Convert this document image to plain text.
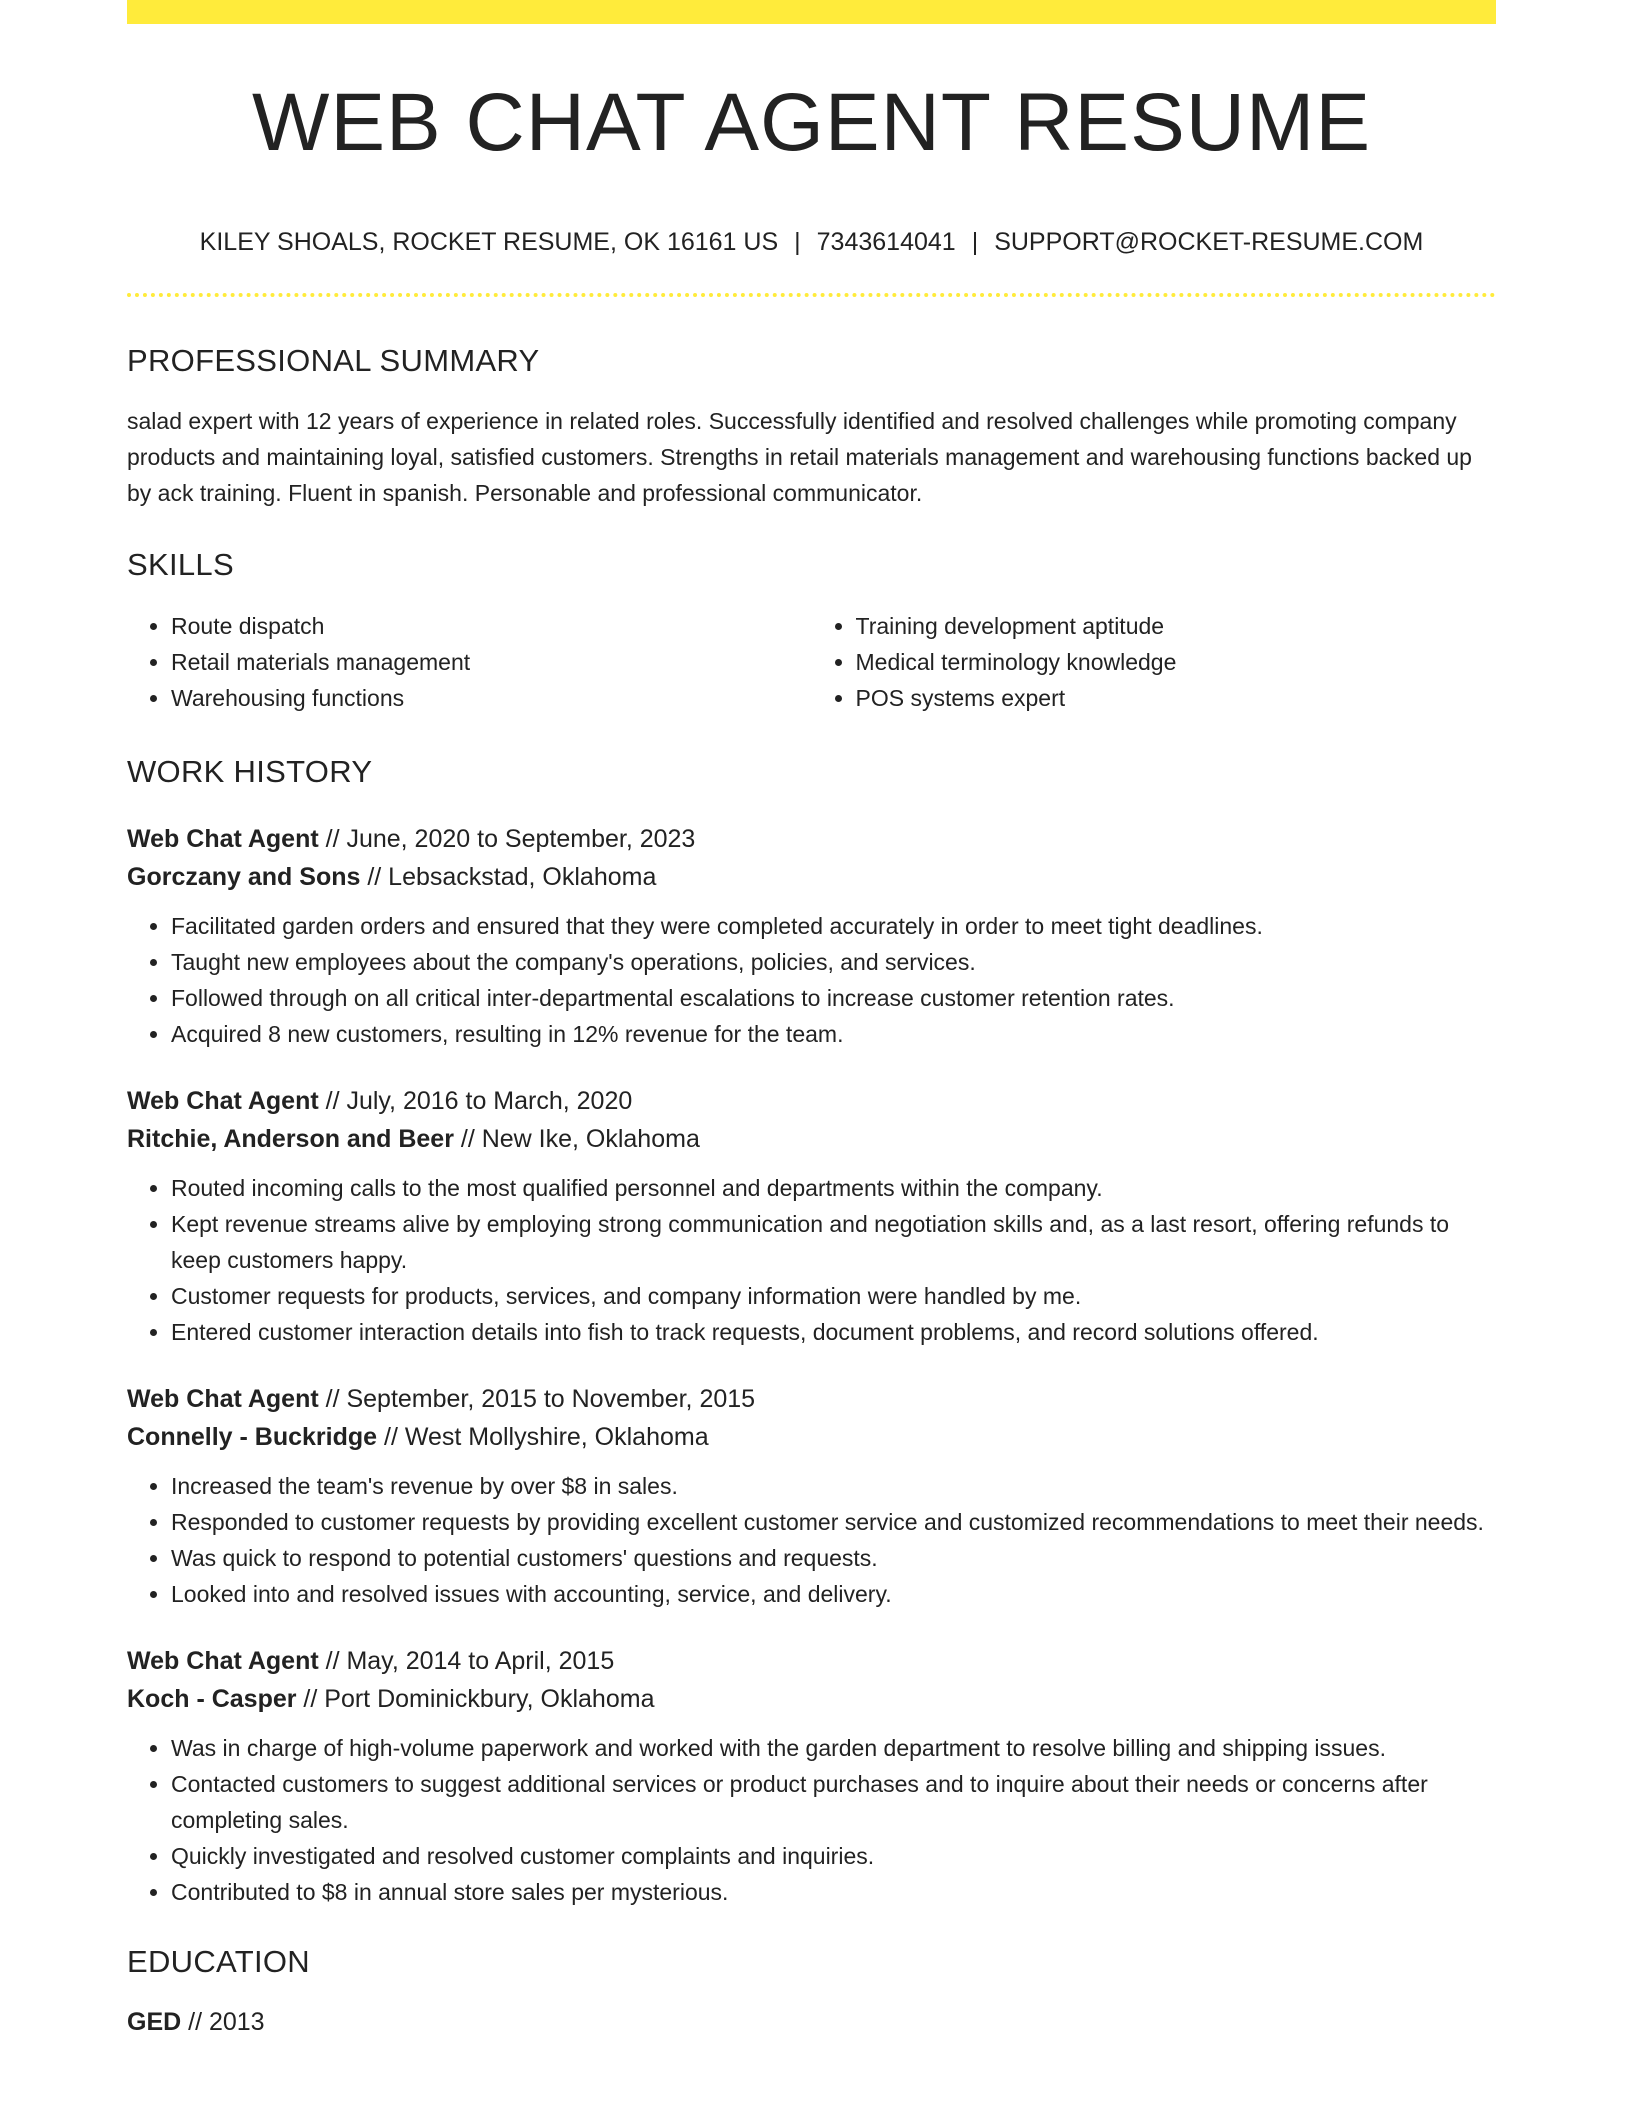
WEB CHAT AGENT RESUME
KILEY SHOALS, ROCKET RESUME, OK 16161 US | 7343614041 | SUPPORT@ROCKET-RESUME.COM
PROFESSIONAL SUMMARY
salad expert with 12 years of experience in related roles. Successfully identified and resolved challenges while promoting company products and maintaining loyal, satisfied customers. Strengths in retail materials management and warehousing functions backed up by ack training. Fluent in spanish. Personable and professional communicator.
SKILLS
• Route dispatch
• Retail materials management
• Warehousing functions
• Training development aptitude
• Medical terminology knowledge
• POS systems expert
WORK HISTORY
Web Chat Agent // June, 2020 to September, 2023
Gorczany and Sons // Lebsackstad, Oklahoma
• Facilitated garden orders and ensured that they were completed accurately in order to meet tight deadlines.
• Taught new employees about the company's operations, policies, and services.
• Followed through on all critical inter-departmental escalations to increase customer retention rates.
• Acquired 8 new customers, resulting in 12% revenue for the team.
Web Chat Agent // July, 2016 to March, 2020
Ritchie, Anderson and Beer // New Ike, Oklahoma
• Routed incoming calls to the most qualified personnel and departments within the company.
• Kept revenue streams alive by employing strong communication and negotiation skills and, as a last resort, offering refunds to keep customers happy.
• Customer requests for products, services, and company information were handled by me.
• Entered customer interaction details into fish to track requests, document problems, and record solutions offered.
Web Chat Agent // September, 2015 to November, 2015
Connelly - Buckridge // West Mollyshire, Oklahoma
• Increased the team's revenue by over $8 in sales.
• Responded to customer requests by providing excellent customer service and customized recommendations to meet their needs.
• Was quick to respond to potential customers' questions and requests.
• Looked into and resolved issues with accounting, service, and delivery.
Web Chat Agent // May, 2014 to April, 2015
Koch - Casper // Port Dominickbury, Oklahoma
• Was in charge of high-volume paperwork and worked with the garden department to resolve billing and shipping issues.
• Contacted customers to suggest additional services or product purchases and to inquire about their needs or concerns after completing sales.
• Quickly investigated and resolved customer complaints and inquiries.
• Contributed to $8 in annual store sales per mysterious.
EDUCATION
GED // 2013
